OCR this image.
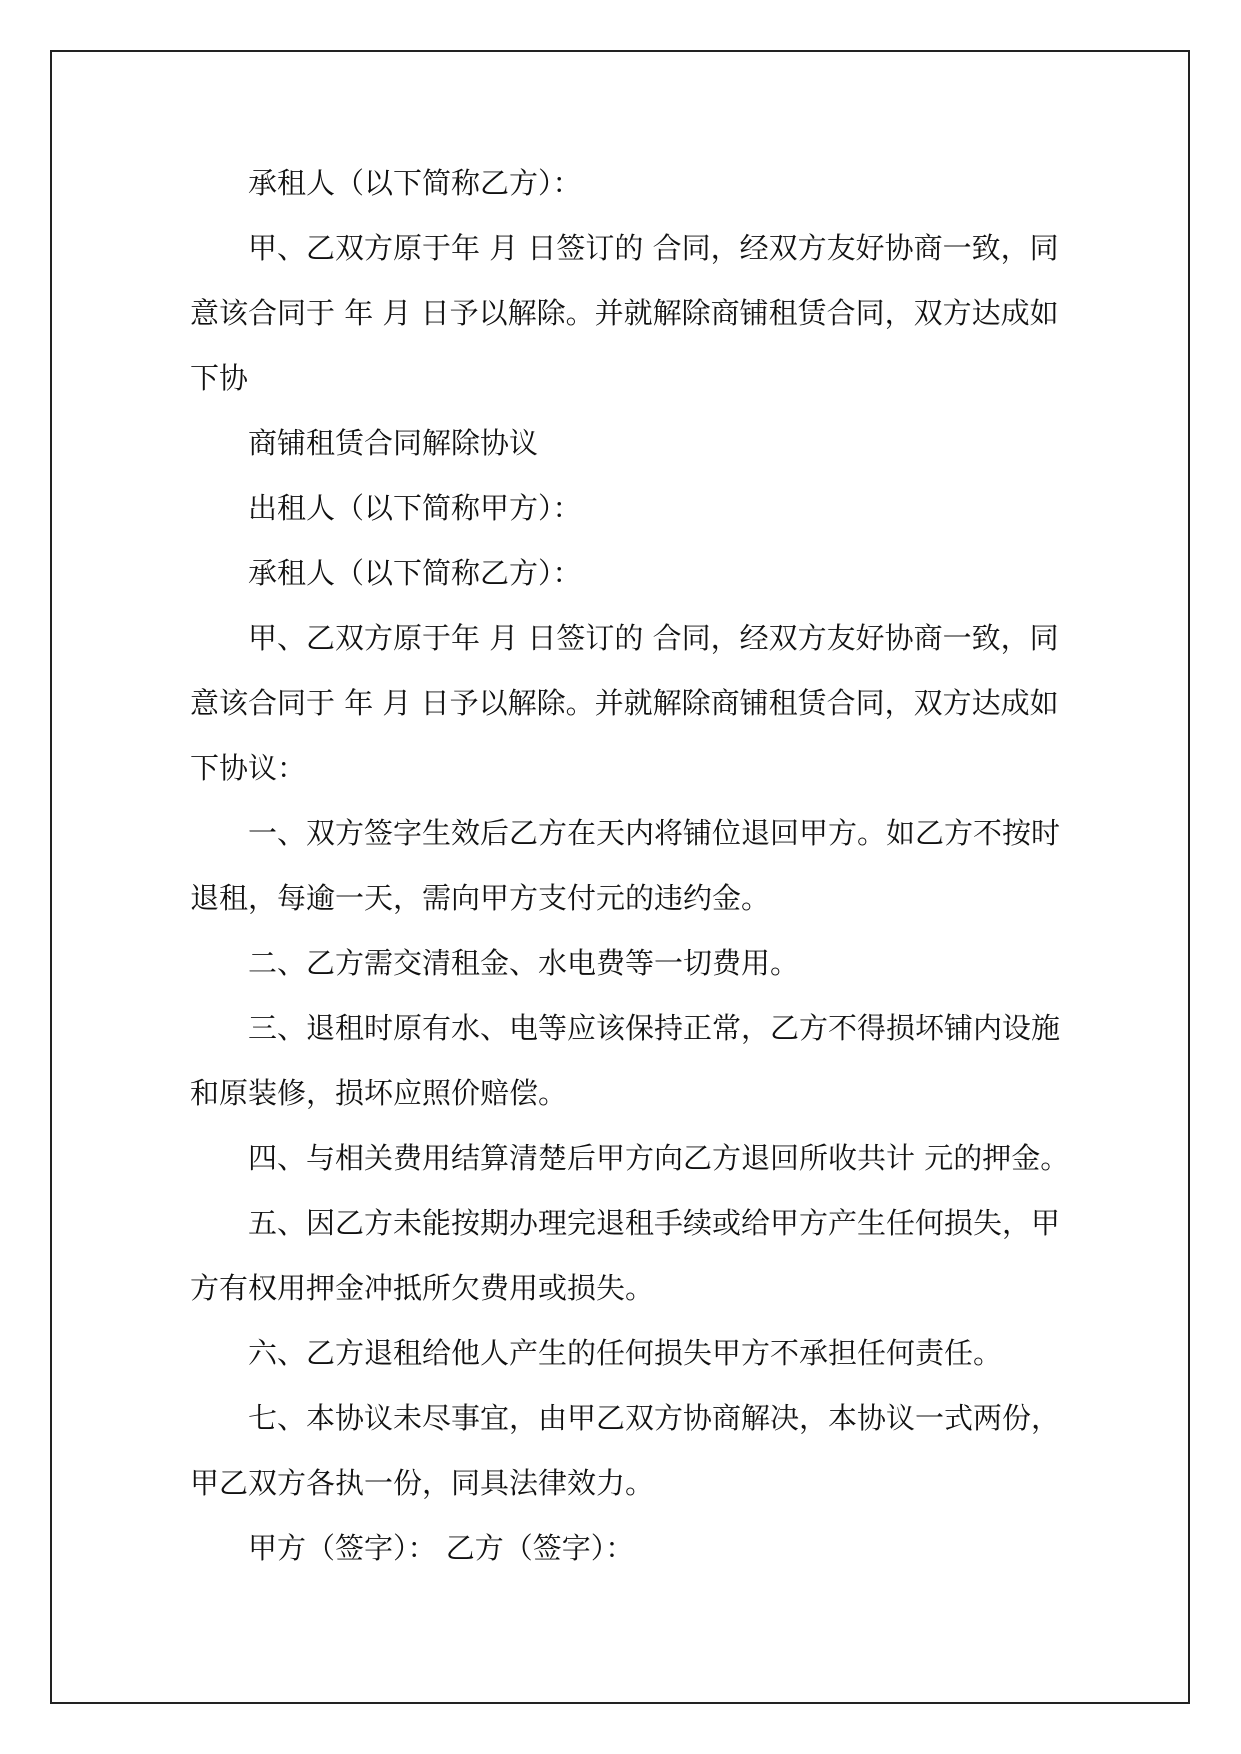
承租人（以下简称乙方）：
甲、乙双方原于年 月 日签订的 合同，经双方友好协商一致，同
意该合同于 年 月 日予以解除。并就解除商铺租赁合同，双方达成如
下协
商铺租赁合同解除协议
出租人（以下简称甲方）：
承租人（以下简称乙方）：
甲、乙双方原于年 月 日签订的 合同，经双方友好协商一致，同
意该合同于 年 月 日予以解除。并就解除商铺租赁合同，双方达成如
下协议：
一、双方签字生效后乙方在天内将铺位退回甲方。如乙方不按时
退租，每逾一天，需向甲方支付元的违约金。
二、乙方需交清租金、水电费等一切费用。
三、退租时原有水、电等应该保持正常，乙方不得损坏铺内设施
和原装修，损坏应照价赔偿。
四、与相关费用结算清楚后甲方向乙方退回所收共计 元的押金。
五、因乙方未能按期办理完退租手续或给甲方产生任何损失，甲
方有权用押金冲抵所欠费用或损失。
六、乙方退租给他人产生的任何损失甲方不承担任何责任。
七、本协议未尽事宜，由甲乙双方协商解决，本协议一式两份，
甲乙双方各执一份，同具法律效力。
甲方（签字）： 乙方（签字）：
